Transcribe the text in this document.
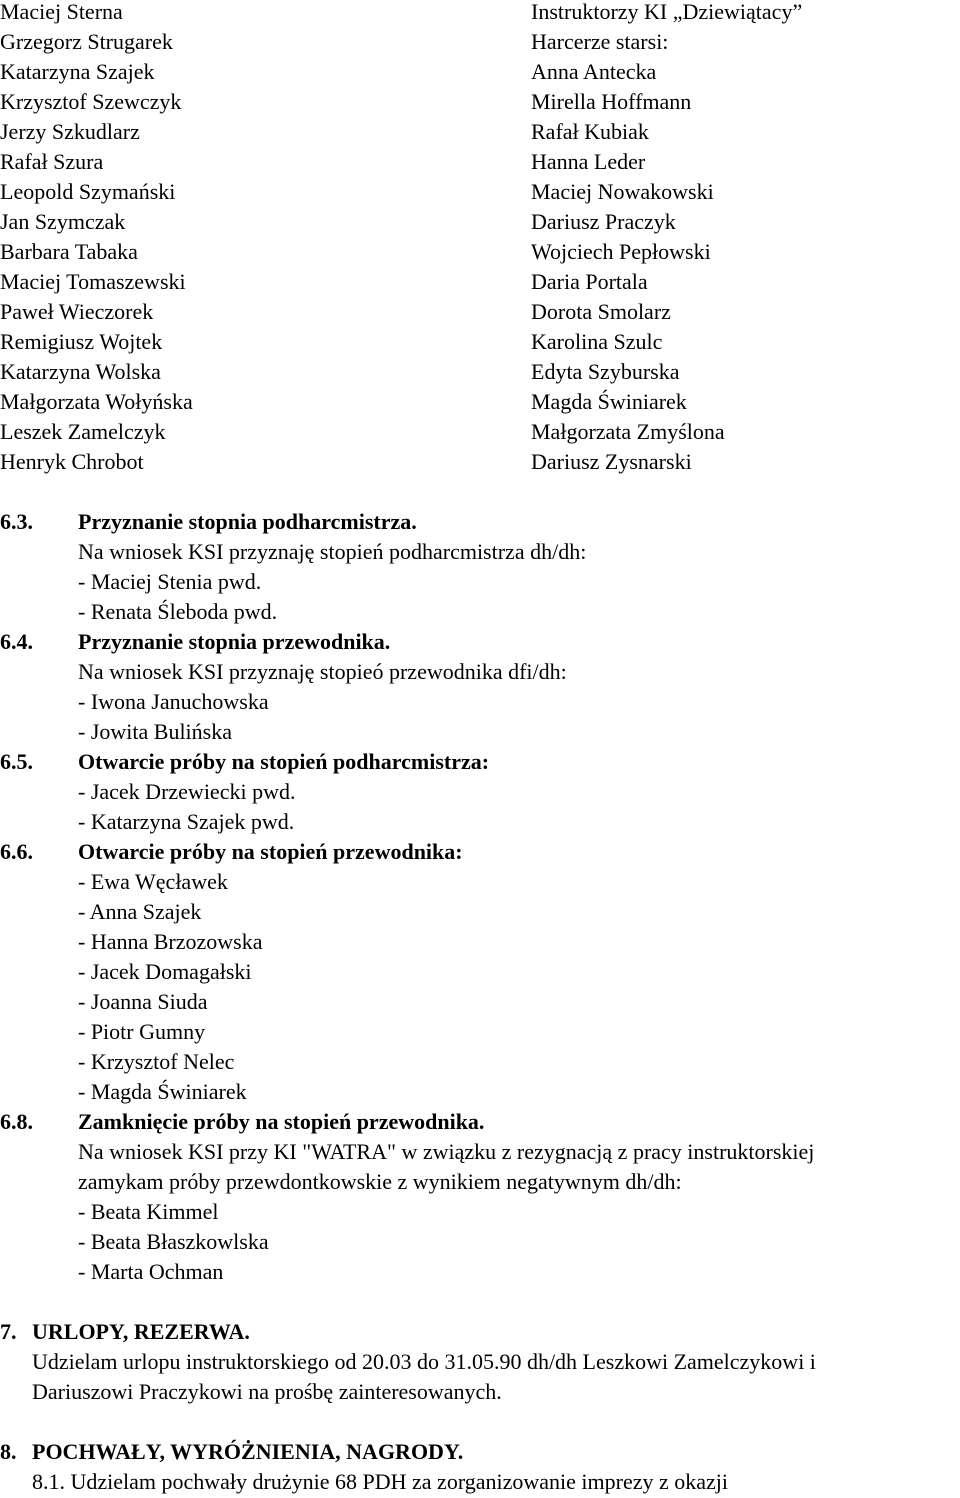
Maciej Sterna
Grzegorz Strugarek
Katarzyna Szajek
Krzysztof Szewczyk
Jerzy Szkudlarz
Rafał Szura
Leopold Szymański
Jan Szymczak
Barbara Tabaka
Maciej Tomaszewski
Paweł Wieczorek
Remigiusz Wojtek
Katarzyna Wolska
Małgorzata Wołyńska
Leszek Zamelczyk
Henryk Chrobot
Instruktorzy KI „Dziewiątacy”
Harcerze starsi:
Anna Antecka
Mirella Hoffmann
Rafał Kubiak
Hanna Leder
Maciej Nowakowski
Dariusz Praczyk
Wojciech Pepłowski
Daria Portala
Dorota Smolarz
Karolina Szulc
Edyta Szyburska
Magda Świniarek
Małgorzata Zmyślona
Dariusz Zysnarski
6.3. Przyznanie stopnia podharcmistrza.
Na wniosek KSI przyznaję stopień podharcmistrza dh/dh:
- Maciej Stenia pwd.
- Renata Śleboda pwd.
6.4. Przyznanie stopnia przewodnika.
Na wniosek KSI przyznaję stopieó przewodnika dfi/dh:
- Iwona Januchowska
- Jowita Bulińska
6.5. Otwarcie próby na stopień podharcmistrza:
- Jacek Drzewiecki pwd.
- Katarzyna Szajek pwd.
6.6. Otwarcie próby na stopień przewodnika:
- Ewa Węcławek
- Anna Szajek
- Hanna Brzozowska
- Jacek Domagałski
- Joanna Siuda
- Piotr Gumny
- Krzysztof Nelec
- Magda Świniarek
6.8. Zamknięcie próby na stopień przewodnika.
Na wniosek KSI przy KI "WATRA" w związku z rezygnacją z pracy instruktorskiej
zamykam próby przewdontkowskie z wynikiem negatywnym dh/dh:
- Beata Kimmel
- Beata Błaszkowlska
- Marta Ochman
7. URLOPY, REZERWA.
Udzielam urlopu instruktorskiego od 20.03 do 31.05.90 dh/dh Leszkowi Zamelczykowi i
Dariuszowi Praczykowi na prośbę zainteresowanych.
8. POCHWAŁY, WYRÓŻNIENIA, NAGRODY.
8.1. Udzielam pochwały drużynie 68 PDH za zorganizowanie imprezy z okazji
